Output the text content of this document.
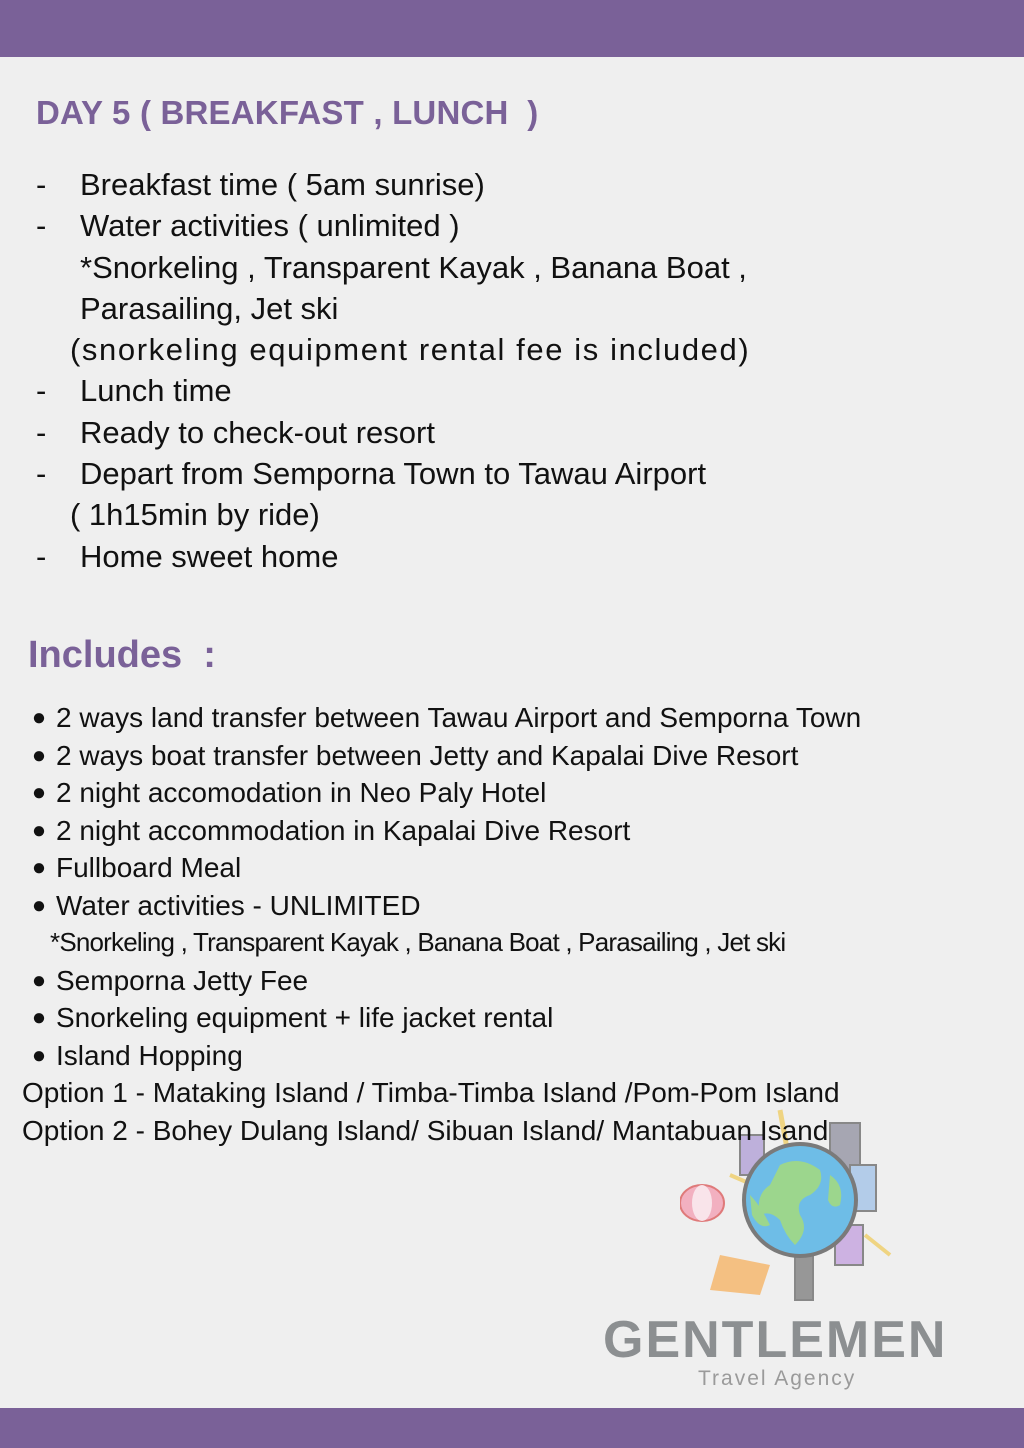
GENTLEMEN
Travel Agency
DAY 5 ( BREAKFAST , LUNCH  )
-	Breakfast time ( 5am sunrise)
-	Water activities ( unlimited )
*Snorkeling , Transparent Kayak , Banana Boat ,
Parasailing, Jet ski
(snorkeling equipment rental fee is included)
-	Lunch time
-	Ready to check-out resort
-	Depart from Semporna Town to Tawau Airport
( 1h15min by ride)
-	Home sweet home
Includes  :
● 2 ways land transfer between Tawau Airport and Semporna Town
● 2 ways boat transfer between Jetty and Kapalai Dive Resort
● 2 night accomodation in Neo Paly Hotel
● 2 night accommodation in Kapalai Dive Resort
● Fullboard Meal
● Water activities - UNLIMITED
*Snorkeling , Transparent Kayak , Banana Boat , Parasailing , Jet ski
● Semporna Jetty Fee
● Snorkeling equipment + life jacket rental
● Island Hopping
Option 1 - Mataking Island / Timba-Timba Island /Pom-Pom Island
Option 2 - Bohey Dulang Island/ Sibuan Island/ Mantabuan Isand
